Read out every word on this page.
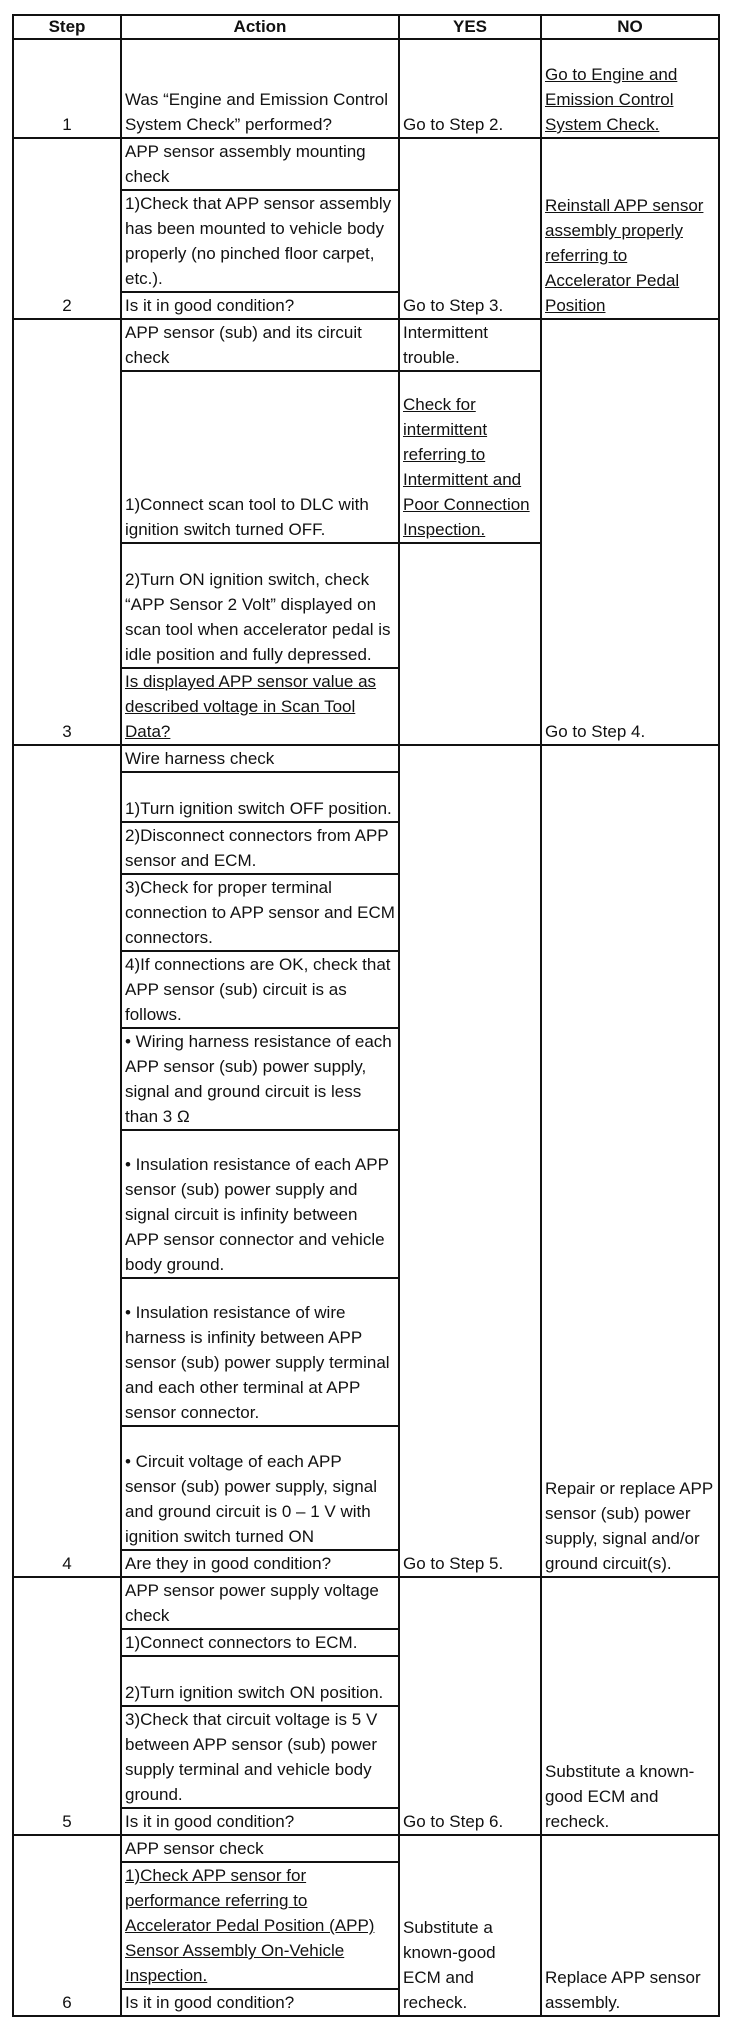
Step	Action	YES	NO
1	Was “Engine and Emission Control System Check” performed?	Go to Step 2.	Go to Engine and Emission Control System Check.
2	APP sensor assembly mounting check	Go to Step 3.	Reinstall APP sensor assembly properly referring to Accelerator Pedal Position
	1)Check that APP sensor assembly has been mounted to vehicle body properly (no pinched floor carpet, etc.).		
	Is it in good condition?		
3	APP sensor (sub) and its circuit check	Intermittent trouble.	Go to Step 4.
	1)Connect scan tool to DLC with ignition switch turned OFF.	Check for intermittent referring to Intermittent and Poor Connection Inspection.	
	2)Turn ON ignition switch, check “APP Sensor 2 Volt” displayed on scan tool when accelerator pedal is idle position and fully depressed.		
	Is displayed APP sensor value as described voltage in Scan Tool Data?		
4	Wire harness check	Go to Step 5.	Repair or replace APP sensor (sub) power supply, signal and/or ground circuit(s).
	1)Turn ignition switch OFF position.		
	2)Disconnect connectors from APP sensor and ECM.		
	3)Check for proper terminal connection to APP sensor and ECM connectors.		
	4)If connections are OK, check that APP sensor (sub) circuit is as follows.		
	• Wiring harness resistance of each APP sensor (sub) power supply, signal and ground circuit is less than 3 Ω		
	• Insulation resistance of each APP sensor (sub) power supply and signal circuit is infinity between APP sensor connector and vehicle body ground.		
	• Insulation resistance of wire harness is infinity between APP sensor (sub) power supply terminal and each other terminal at APP sensor connector.		
	• Circuit voltage of each APP sensor (sub) power supply, signal and ground circuit is 0 – 1 V with ignition switch turned ON		
	Are they in good condition?		
5	APP sensor power supply voltage check	Go to Step 6.	Substitute a known-good ECM and recheck.
	1)Connect connectors to ECM.		
	2)Turn ignition switch ON position.		
	3)Check that circuit voltage is 5 V between APP sensor (sub) power supply terminal and vehicle body ground.		
	Is it in good condition?		
6	APP sensor check	Substitute a known-good ECM and recheck.	Replace APP sensor assembly.
	1)Check APP sensor for performance referring to Accelerator Pedal Position (APP) Sensor Assembly On-Vehicle Inspection.		
	Is it in good condition?		
